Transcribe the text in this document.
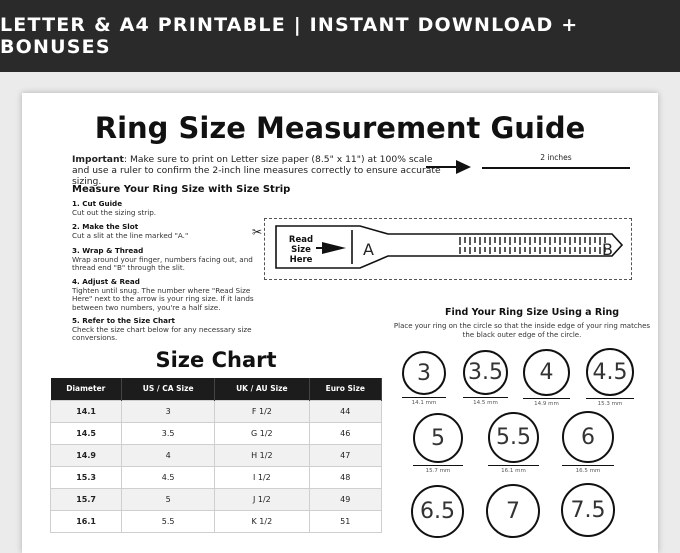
LETTER & A4 PRINTABLE | INSTANT DOWNLOAD + BONUSES
Ring Size Measurement Guide
Important: Make sure to print on Letter size paper (8.5" x 11") at 100% scale and use a ruler to confirm the 2-inch line measures correctly to ensure accurate sizing.
2 inches
Measure Your Ring Size with Size Strip
1. Cut Guide
Cut out the sizing strip.
2. Make the Slot
Cut a slit at the line marked "A."
3. Wrap & Thread
Wrap around your finger, numbers facing out, and thread end "B" through the slit.
4. Adjust & Read
Tighten until snug. The number where "Read Size Here" next to the arrow is your ring size. If it lands between two numbers, you're a half size.
5. Refer to the Size Chart
Check the size chart below for any necessary size conversions.
✂
Read
Size
Here
A	B
Find Your Ring Size Using a Ring
Place your ring on the circle so that the inside edge of your ring matches the black outer edge of the circle.
3
14.1 mm
3.5
14.5 mm
4
14.9 mm
4.5
15.3 mm
5
15.7 mm
5.5
16.1 mm
6
16.5 mm
6.5 7 7.5
Size Chart
Diameter	US / CA Size	UK / AU Size	Euro Size
14.1	3	F 1/2	44
14.5	3.5	G 1/2	46
14.9	4	H 1/2	47
15.3	4.5	I 1/2	48
15.7	5	J 1/2	49
16.1	5.5	K 1/2	51
